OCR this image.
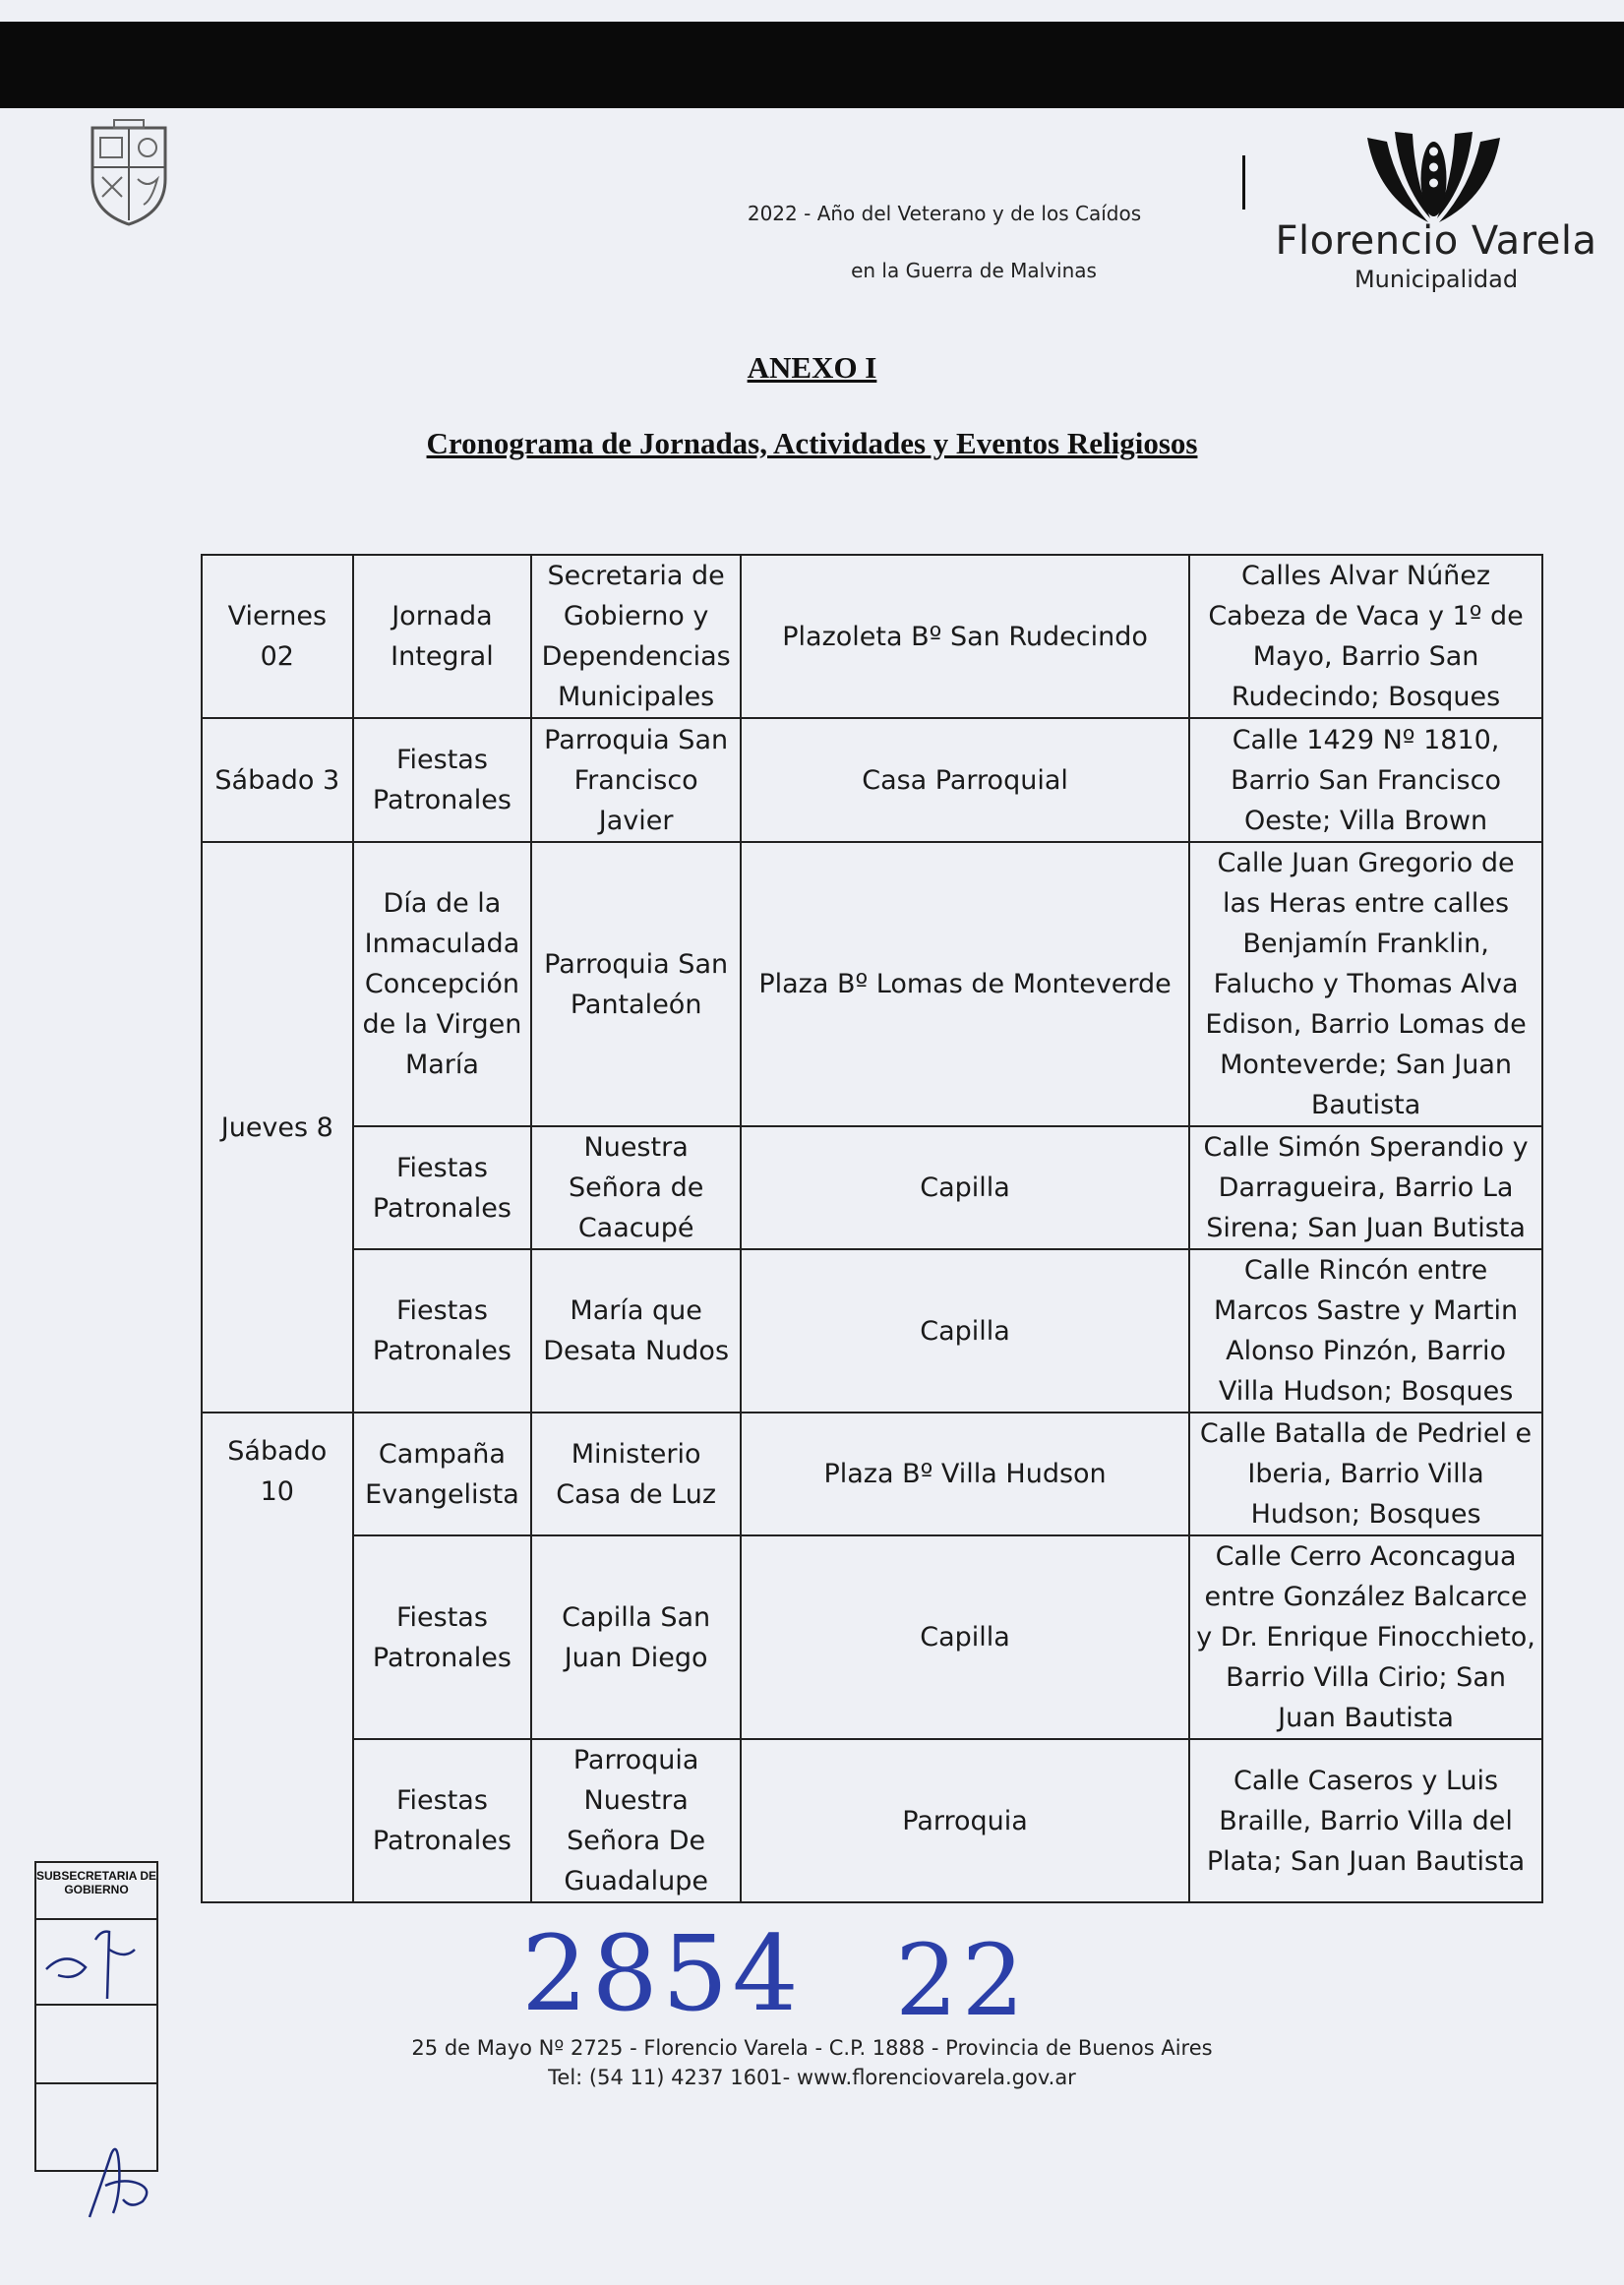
2022 - Año del Veterano y de los Caídos
en la Guerra de Malvinas
Florencio Varela
Municipalidad
ANEXO I
Cronograma de Jornadas, Actividades y Eventos Religiosos
Viernes 02	Jornada Integral	Secretaria de Gobierno y Dependencias Municipales	Plazoleta Bº San Rudecindo	Calles Alvar Núñez Cabeza de Vaca y 1º de Mayo, Barrio San Rudecindo; Bosques
Sábado 3	Fiestas Patronales	Parroquia San Francisco Javier	Casa Parroquial	Calle 1429 Nº 1810, Barrio San Francisco Oeste; Villa Brown
Jueves 8	Día de la Inmaculada Concepción de la Virgen María	Parroquia San Pantaleón	Plaza Bº Lomas de Monteverde	Calle Juan Gregorio de las Heras entre calles Benjamín Franklin, Falucho y Thomas Alva Edison, Barrio Lomas de Monteverde; San Juan Bautista
	Fiestas Patronales	Nuestra Señora de Caacupé	Capilla	Calle Simón Sperandio y Darragueira, Barrio La Sirena; San Juan Butista
	Fiestas Patronales	María que Desata Nudos	Capilla	Calle Rincón entre Marcos Sastre y Martin Alonso Pinzón, Barrio Villa Hudson; Bosques
Sábado 10	Campaña Evangelista	Ministerio Casa de Luz	Plaza Bº Villa Hudson	Calle Batalla de Pedriel e Iberia, Barrio Villa Hudson; Bosques
	Fiestas Patronales	Capilla San Juan Diego	Capilla	Calle Cerro Aconcagua entre González Balcarce y Dr. Enrique Finocchieto, Barrio Villa Cirio; San Juan Bautista
	Fiestas Patronales	Parroquia Nuestra Señora De Guadalupe	Parroquia	Calle Caseros y Luis Braille, Barrio Villa del Plata; San Juan Bautista
SUBSECRETARIA DE GOBIERNO
2854 22
25 de Mayo Nº 2725 - Florencio Varela - C.P. 1888 - Provincia de Buenos Aires
Tel: (54 11) 4237 1601- www.florenciovarela.gov.ar
